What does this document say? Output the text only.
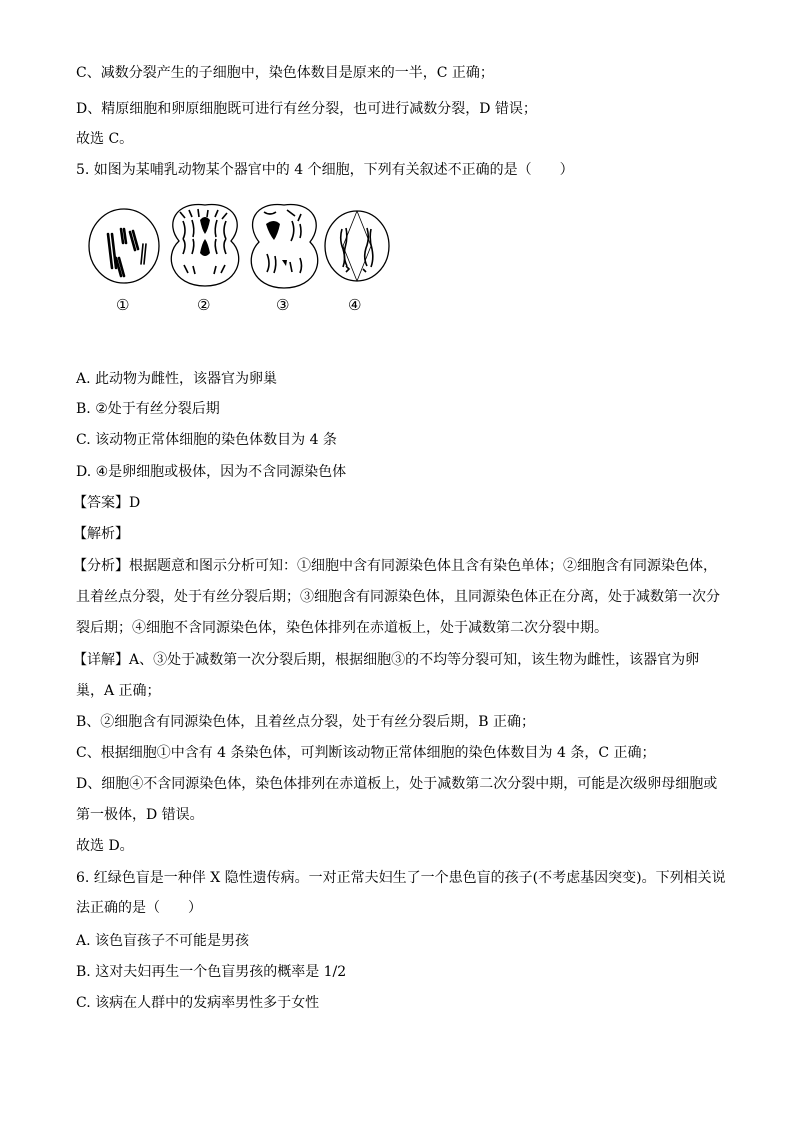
C、减数分裂产生的子细胞中，染色体数目是原来的一半，C 正确；
D、精原细胞和卵原细胞既可进行有丝分裂，也可进行减数分裂，D 错误；
故选 C。
5. 如图为某哺乳动物某个器官中的 4 个细胞，下列有关叙述不正确的是（　　）
①	②	③	④
A. 此动物为雌性，该器官为卵巢
B. ②处于有丝分裂后期
C. 该动物正常体细胞的染色体数目为 4 条
D. ④是卵细胞或极体，因为不含同源染色体
【答案】D
【解析】
【分析】根据题意和图示分析可知：①细胞中含有同源染色体且含有染色单体；②细胞含有同源染色体，
且着丝点分裂，处于有丝分裂后期；③细胞含有同源染色体，且同源染色体正在分离，处于减数第一次分
裂后期；④细胞不含同源染色体，染色体排列在赤道板上，处于减数第二次分裂中期。
【详解】A、③处于减数第一次分裂后期，根据细胞③的不均等分裂可知，该生物为雌性，该器官为卵
巢，A 正确；
B、②细胞含有同源染色体，且着丝点分裂，处于有丝分裂后期，B 正确；
C、根据细胞①中含有 4 条染色体，可判断该动物正常体细胞的染色体数目为 4 条，C 正确；
D、细胞④不含同源染色体，染色体排列在赤道板上，处于减数第二次分裂中期，可能是次级卵母细胞或
第一极体，D 错误。
故选 D。
6. 红绿色盲是一种伴 X 隐性遗传病。一对正常夫妇生了一个患色盲的孩子(不考虑基因突变)。下列相关说
法正确的是（　　）
A. 该色盲孩子不可能是男孩
B. 这对夫妇再生一个色盲男孩的概率是 1/2
C. 该病在人群中的发病率男性多于女性
